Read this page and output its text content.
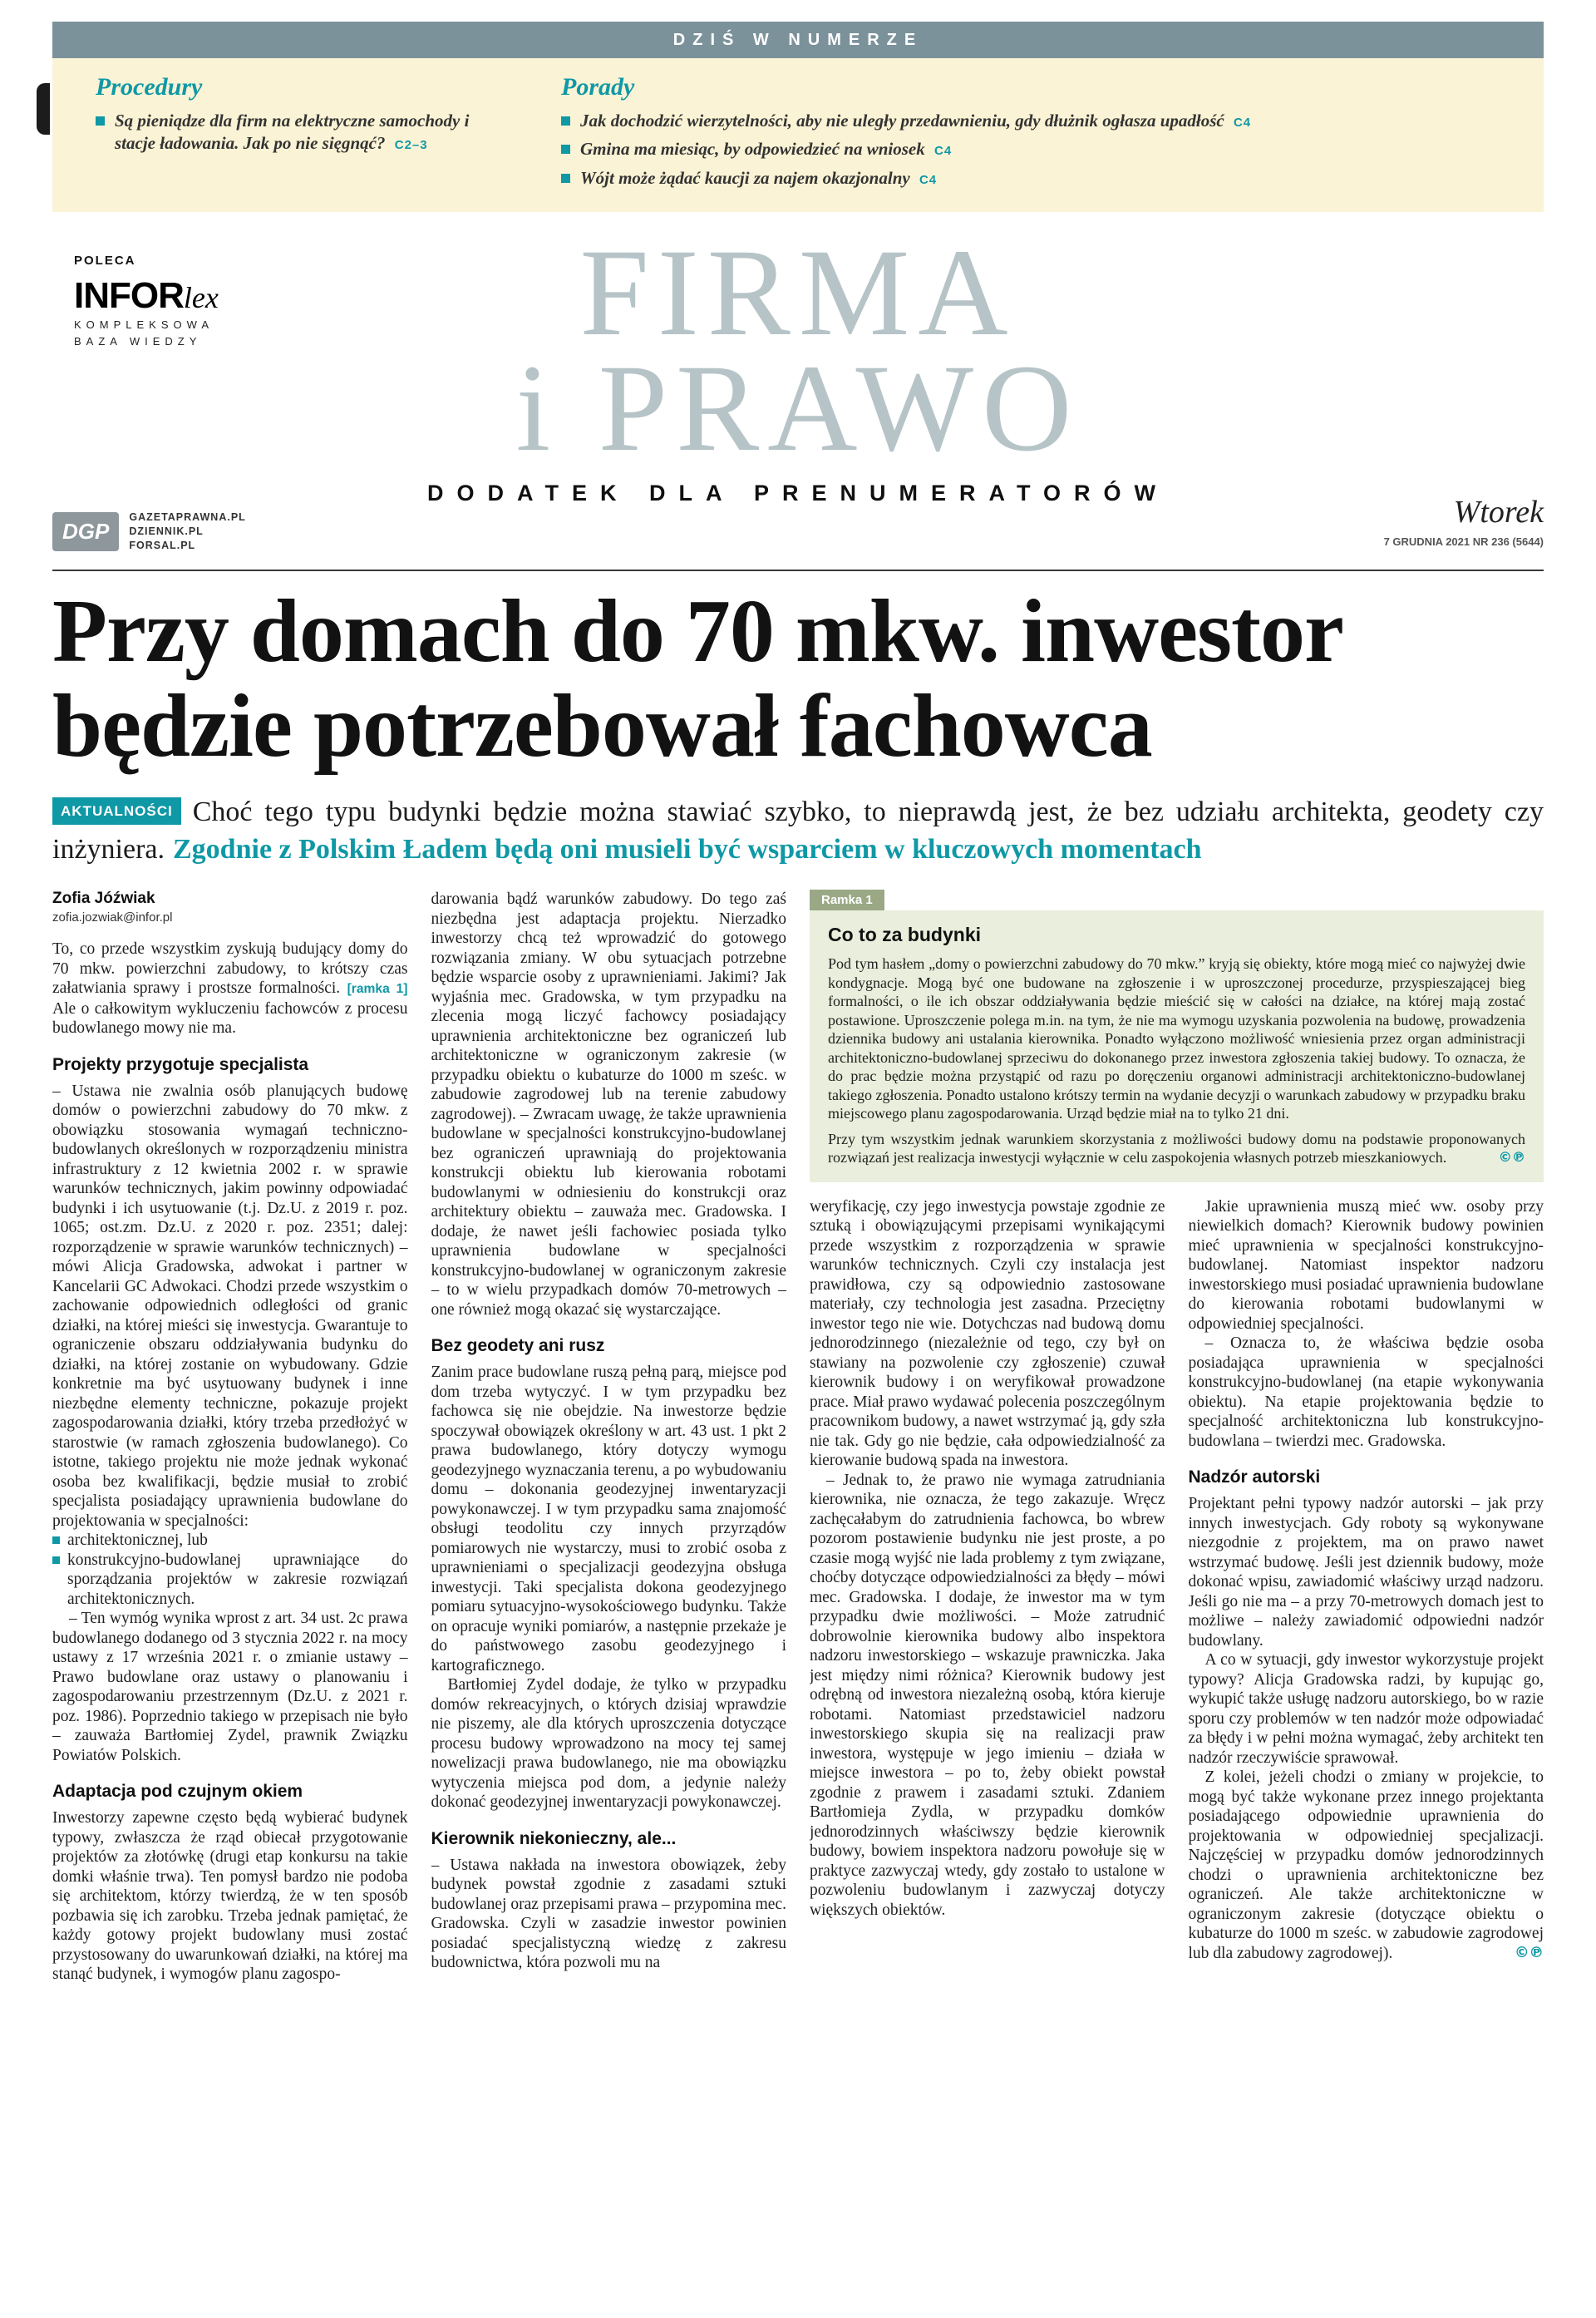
DZIŚ W NUMERZE
Procedury
Są pieniądze dla firm na elektryczne samochody i stacje ładowania. Jak po nie sięgnąć? C2–3
Porady
Jak dochodzić wierzytelności, aby nie uległy przedawnieniu, gdy dłużnik ogłasza upadłość C4
Gmina ma miesiąc, by odpowiedzieć na wniosek C4
Wójt może żądać kaucji za najem okazjonalny C4
POLECA
INFORlex
KOMPLEKSOWA
BAZA WIEDZY
DGP
GAZETAPRAWNA.PL
DZIENNIK.PL
FORSAL.PL
FIRMA
i PRAWO
DODATEK DLA PRENUMERATORÓW
Wtorek
7 GRUDNIA 2021 NR 236 (5644)
Przy domach do 70 mkw. inwestor
będzie potrzebował fachowca
AKTUALNOŚCI Choć tego typu budynki będzie można stawiać szybko, to nieprawdą jest, że bez udziału architekta, geodety czy inżyniera. Zgodnie z Polskim Ładem będą oni musieli być wsparciem w kluczowych momentach
Zofia Jóźwiak
zofia.jozwiak@infor.pl

To, co przede wszystkim zyskują budujący domy do 70 mkw. powierzchni zabudowy, to krótszy czas załatwiania sprawy i prostsze formalności. [ramka 1] Ale o całkowitym wykluczeniu fachowców z procesu budowlanego mowy nie ma.

Projekty przygotuje specjalista

– Ustawa nie zwalnia osób planujących budowę domów o powierzchni zabudowy do 70 mkw. z obowiązku stosowania wymagań techniczno-budowlanych określonych w rozporządzeniu ministra infrastruktury z 12 kwietnia 2002 r. w sprawie warunków technicznych, jakim powinny odpowiadać budynki i ich usytuowanie (t.j. Dz.U. z 2019 r. poz. 1065; ost.zm. Dz.U. z 2020 r. poz. 2351; dalej: rozporządzenie w sprawie warunków technicznych) – mówi Alicja Gradowska, adwokat i partner w Kancelarii GC Adwokaci. Chodzi przede wszystkim o zachowanie odpowiednich odległości od granic działki, na której mieści się inwestycja. Gwarantuje to ograniczenie obszaru oddziaływania budynku do działki, na której zostanie on wybudowany. Gdzie konkretnie ma być usytuowany budynek i inne niezbędne elementy techniczne, pokazuje projekt zagospodarowania działki, który trzeba przedłożyć w starostwie (w ramach zgłoszenia budowlanego). Co istotne, takiego projektu nie może jednak wykonać osoba bez kwalifikacji, będzie musiał to zrobić specjalista posiadający uprawnienia budowlane do projektowania w specjalności:

architektonicznej, lub
konstrukcyjno-budowlanej uprawniające do sporządzania projektów w zakresie rozwiązań architektonicznych.

– Ten wymóg wynika wprost z art. 34 ust. 2c prawa budowlanego dodanego od 3 stycznia 2022 r. na mocy ustawy z 17 września 2021 r. o zmianie ustawy – Prawo budowlane oraz ustawy o planowaniu i zagospodarowaniu przestrzennym (Dz.U. z 2021 r. poz. 1986). Poprzednio takiego w przepisach nie było – zauważa Bartłomiej Zydel, prawnik Związku Powiatów Polskich.

Adaptacja pod czujnym okiem

Inwestorzy zapewne często będą wybierać budynek typowy, zwłaszcza że rząd obiecał przygotowanie projektów za złotówkę (drugi etap konkursu na takie domki właśnie trwa). Ten pomysł bardzo nie podoba się architektom, którzy twierdzą, że w ten sposób pozbawia się ich zarobku. Trzeba jednak pamiętać, że każdy gotowy projekt budowlany musi zostać przystosowany do uwarunkowań działki, na której ma stanąć budynek, i wymogów planu zagospo-

darowania bądź warunków zabudowy. Do tego zaś niezbędna jest adaptacja projektu. Nierzadko inwestorzy chcą też wprowadzić do gotowego rozwiązania zmiany. W obu sytuacjach potrzebne będzie wsparcie osoby z uprawnieniami. Jakimi? Jak wyjaśnia mec. Gradowska, w tym przypadku na zlecenia mogą liczyć fachowcy posiadający uprawnienia architektoniczne bez ograniczeń lub architektoniczne w ograniczonym zakresie (w przypadku obiektu o kubaturze do 1000 m sześc. w zabudowie zagrodowej lub na terenie zabudowy zagrodowej). – Zwracam uwagę, że także uprawnienia budowlane w specjalności konstrukcyjno-budowlanej bez ograniczeń uprawniają do projektowania konstrukcji obiektu lub kierowania robotami budowlanymi w odniesieniu do konstrukcji oraz architektury obiektu – zauważa mec. Gradowska. I dodaje, że nawet jeśli fachowiec posiada tylko uprawnienia budowlane w specjalności konstrukcyjno-budowlanej w ograniczonym zakresie – to w wielu przypadkach domów 70-metrowych – one również mogą okazać się wystarczające.

Bez geodety ani rusz

Zanim prace budowlane ruszą pełną parą, miejsce pod dom trzeba wytyczyć. I w tym przypadku bez fachowca się nie obejdzie. Na inwestorze będzie spoczywał obowiązek określony w art. 43 ust. 1 pkt 2 prawa budowlanego, który dotyczy wymogu geodezyjnego wyznaczania terenu, a po wybudowaniu domu – dokonania geodezyjnej inwentaryzacji powykonawczej. I w tym przypadku sama znajomość obsługi teodolitu czy innych przyrządów pomiarowych nie wystarczy, musi to zrobić osoba z uprawnieniami o specjalizacji geodezyjna obsługa inwestycji. Taki specjalista dokona geodezyjnego pomiaru sytuacyjno-wysokościowego budynku. Także on opracuje wyniki pomiarów, a następnie przekaże je do państwowego zasobu geodezyjnego i kartograficznego.

Bartłomiej Zydel dodaje, że tylko w przypadku domów rekreacyjnych, o których dzisiaj wprawdzie nie piszemy, ale dla których uproszczenia dotyczące procesu budowy wprowadzono na mocy tej samej nowelizacji prawa budowlanego, nie ma obowiązku wytyczenia miejsca pod dom, a jedynie należy dokonać geodezyjnej inwentaryzacji powykonawczej.

Kierownik niekonieczny, ale...

– Ustawa nakłada na inwestora obowiązek, żeby budynek powstał zgodnie z zasadami sztuki budowlanej oraz przepisami prawa – przypomina mec. Gradowska. Czyli w zasadzie inwestor powinien posiadać specjalistyczną wiedzę z zakresu budownictwa, która pozwoli mu na

Ramka 1
Co to za budynki

Pod tym hasłem „domy o powierzchni zabudowy do 70 mkw.” kryją się obiekty, które mogą mieć co najwyżej dwie kondygnacje. Mogą być one budowane na zgłoszenie i w uproszczonej procedurze, przyspieszającej bieg formalności, o ile ich obszar oddziaływania będzie mieścić się w całości na działce, na której mają zostać postawione. Uproszczenie polega m.in. na tym, że nie ma wymogu uzyskania pozwolenia na budowę, prowadzenia dziennika budowy ani ustalania kierownika. Ponadto wyłączono możliwość wniesienia przez organ administracji architektoniczno-budowlanej sprzeciwu do dokonanego przez inwestora zgłoszenia takiej budowy. To oznacza, że do prac będzie można przystąpić od razu po doręczeniu organowi administracji architektoniczno-budowlanej takiego zgłoszenia. Ponadto ustalono krótszy termin na wydanie decyzji o warunkach zabudowy w przypadku braku miejscowego planu zagospodarowania. Urząd będzie miał na to tylko 21 dni.

Przy tym wszystkim jednak warunkiem skorzystania z możliwości budowy domu na podstawie proponowanych rozwiązań jest realizacja inwestycji wyłącznie w celu zaspokojenia własnych potrzeb mieszkaniowych.	©℗

weryfikację, czy jego inwestycja powstaje zgodnie ze sztuką i obowiązującymi przepisami wynikającymi przede wszystkim z rozporządzenia w sprawie warunków technicznych. Czyli czy instalacja jest prawidłowa, czy są odpowiednio zastosowane materiały, czy technologia jest zasadna. Przeciętny inwestor tego nie wie. Dotychczas nad budową domu jednorodzinnego (niezależnie od tego, czy był on stawiany na pozwolenie czy zgłoszenie) czuwał kierownik budowy i on weryfikował prowadzone prace. Miał prawo wydawać polecenia poszczególnym pracownikom budowy, a nawet wstrzymać ją, gdy szła nie tak. Gdy go nie będzie, cała odpowiedzialność za kierowanie budową spada na inwestora.

– Jednak to, że prawo nie wymaga zatrudniania kierownika, nie oznacza, że tego zakazuje. Wręcz zachęcałabym do zatrudnienia fachowca, bo wbrew pozorom postawienie budynku nie jest proste, a po czasie mogą wyjść nie lada problemy z tym związane, choćby dotyczące odpowiedzialności za błędy – mówi mec. Gradowska. I dodaje, że inwestor ma w tym przypadku dwie możliwości. – Może zatrudnić dobrowolnie kierownika budowy albo inspektora nadzoru inwestorskiego – wskazuje prawniczka. Jaka jest między nimi różnica? Kierownik budowy jest odrębną od inwestora niezależną osobą, która kieruje robotami. Natomiast przedstawiciel nadzoru inwestorskiego skupia się na realizacji praw inwestora, występuje w jego imieniu – działa w miejsce inwestora – po to, żeby obiekt powstał zgodnie z prawem i zasadami sztuki. Zdaniem Bartłomieja Zydla, w przypadku domków jednorodzinnych właściwszy będzie kierownik budowy, bowiem inspektora nadzoru powołuje się w praktyce zazwyczaj wtedy, gdy zostało to ustalone w pozwoleniu budowlanym i zazwyczaj dotyczy większych obiektów.

Jakie uprawnienia muszą mieć ww. osoby przy niewielkich domach? Kierownik budowy powinien mieć uprawnienia w specjalności konstrukcyjno-budowlanej. Natomiast inspektor nadzoru inwestorskiego musi posiadać uprawnienia budowlane do kierowania robotami budowlanymi w odpowiedniej specjalności.

– Oznacza to, że właściwa będzie osoba posiadająca uprawnienia w specjalności konstrukcyjno-budowlanej (na etapie wykonywania obiektu). Na etapie projektowania będzie to specjalność architektoniczna lub konstrukcyjno-budowlana – twierdzi mec. Gradowska.

Nadzór autorski

Projektant pełni typowy nadzór autorski – jak przy innych inwestycjach. Gdy roboty są wykonywane niezgodnie z projektem, ma on prawo nawet wstrzymać budowę. Jeśli jest dziennik budowy, może dokonać wpisu, zawiadomić właściwy urząd nadzoru. Jeśli go nie ma – a przy 70-metrowych domach jest to możliwe – należy zawiadomić odpowiedni nadzór budowlany.

A co w sytuacji, gdy inwestor wykorzystuje projekt typowy? Alicja Gradowska radzi, by kupując go, wykupić także usługę nadzoru autorskiego, bo w razie sporu czy problemów w ten nadzór może odpowiadać za błędy i w pełni można wymagać, żeby architekt ten nadzór rzeczywiście sprawował.

Z kolei, jeżeli chodzi o zmiany w projekcie, to mogą być także wykonane przez innego projektanta posiadającego odpowiednie uprawnienia do projektowania w odpowiedniej specjalizacji. Najczęściej w przypadku domów jednorodzinnych chodzi o uprawnienia architektoniczne bez ograniczeń. Ale także architektoniczne w ograniczonym zakresie (dotyczące obiektu o kubaturze do 1000 m sześc. w zabudowie zagrodowej lub dla zabudowy zagrodowej).	©℗
